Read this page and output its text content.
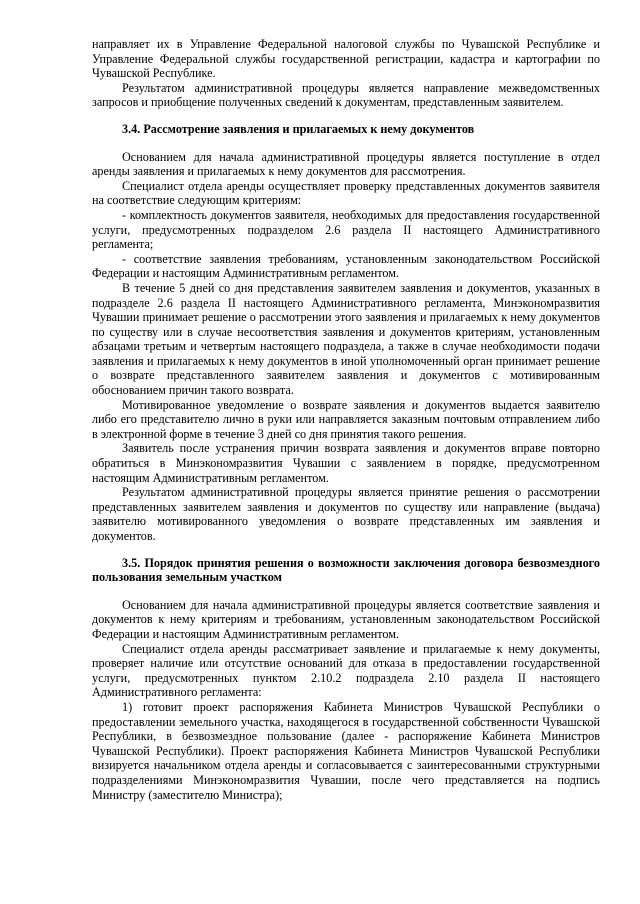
направляет их в Управление Федеральной налоговой службы по Чувашской Республике и Управление Федеральной службы государственной регистрации, кадастра и картографии по Чувашской Республике.

Результатом административной процедуры является направление межведомственных запросов и приобщение полученных сведений к документам, представленным заявителем.

3.4. Рассмотрение заявления и прилагаемых к нему документов

Основанием для начала административной процедуры является поступление в отдел аренды заявления и прилагаемых к нему документов для рассмотрения.

Специалист отдела аренды осуществляет проверку представленных документов заявителя на соответствие следующим критериям:

- комплектность документов заявителя, необходимых для предоставления государственной услуги, предусмотренных подразделом 2.6 раздела II настоящего Административного регламента;

- соответствие заявления требованиям, установленным законодательством Российской Федерации и настоящим Административным регламентом.

В течение 5 дней со дня представления заявителем заявления и документов, указанных в подразделе 2.6 раздела II настоящего Административного регламента, Минэкономразвития Чувашии принимает решение о рассмотрении этого заявления и прилагаемых к нему документов по существу или в случае несоответствия заявления и документов критериям, установленным абзацами третьим и четвертым настоящего подраздела, а также в случае необходимости подачи заявления и прилагаемых к нему документов в иной уполномоченный орган принимает решение о возврате представленного заявителем заявления и документов с мотивированным обоснованием причин такого возврата.

Мотивированное уведомление о возврате заявления и документов выдается заявителю либо его представителю лично в руки или направляется заказным почтовым отправлением либо в электронной форме в течение 3 дней со дня принятия такого решения.

Заявитель после устранения причин возврата заявления и документов вправе повторно обратиться в Минэкономразвития Чувашии с заявлением в порядке, предусмотренном настоящим Административным регламентом.

Результатом административной процедуры является принятие решения о рассмотрении представленных заявителем заявления и документов по существу или направление (выдача) заявителю мотивированного уведомления о возврате представленных им заявления и документов.

3.5. Порядок принятия решения о возможности заключения договора безвозмездного пользования земельным участком

Основанием для начала административной процедуры является соответствие заявления и документов к нему критериям и требованиям, установленным законодательством Российской Федерации и настоящим Административным регламентом.

Специалист отдела аренды рассматривает заявление и прилагаемые к нему документы, проверяет наличие или отсутствие оснований для отказа в предоставлении государственной услуги, предусмотренных пунктом 2.10.2 подраздела 2.10 раздела II настоящего Административного регламента:

1) готовит проект распоряжения Кабинета Министров Чувашской Республики о предоставлении земельного участка, находящегося в государственной собственности Чувашской Республики, в безвозмездное пользование (далее - распоряжение Кабинета Министров Чувашской Республики). Проект распоряжения Кабинета Министров Чувашской Республики визируется начальником отдела аренды и согласовывается с заинтересованными структурными подразделениями Минэкономразвития Чувашии, после чего представляется на подпись Министру (заместителю Министра);
